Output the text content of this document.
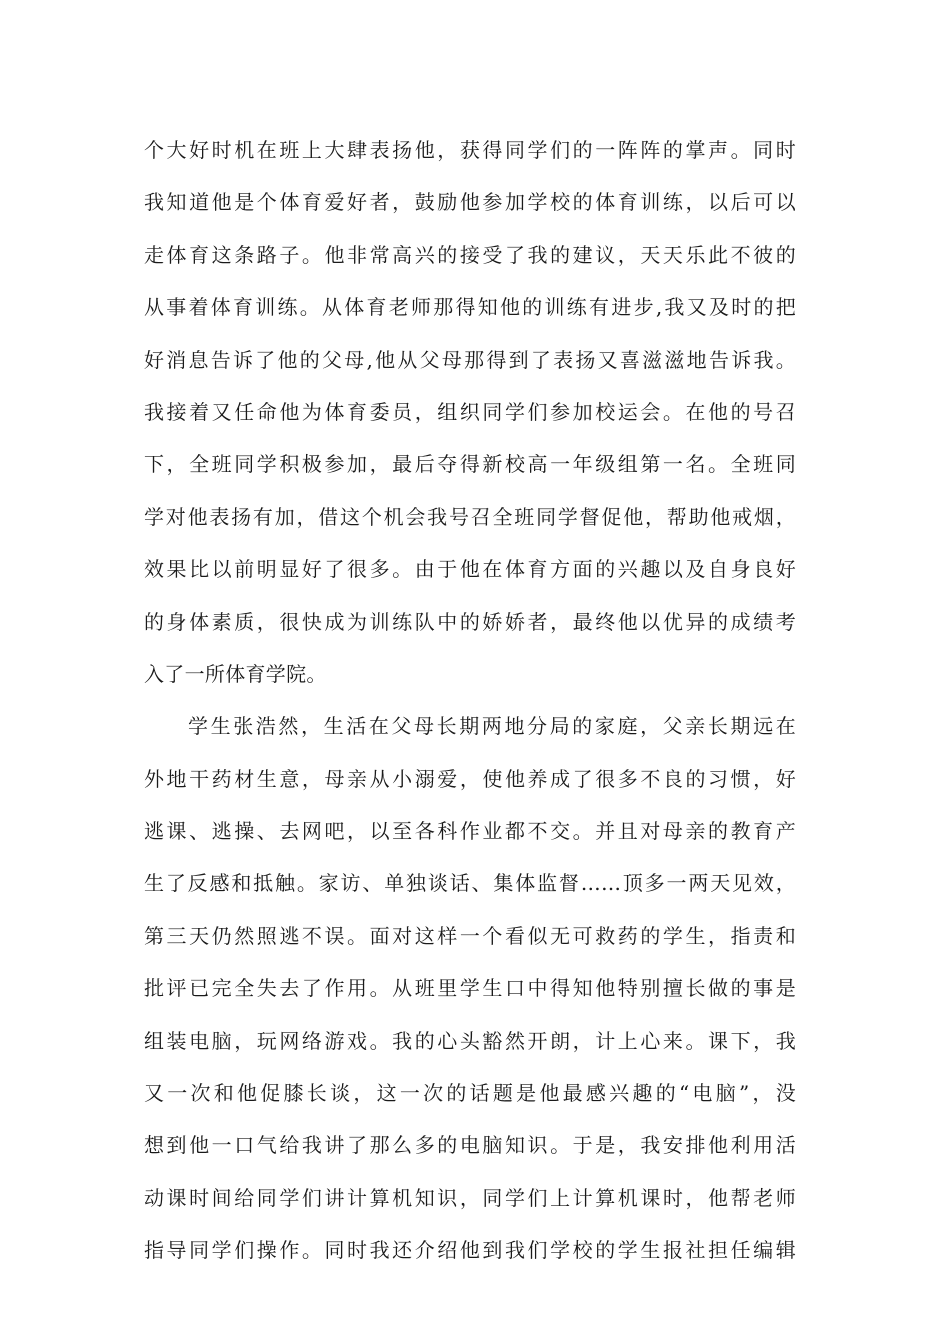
个大好时机在班上大肆表扬他，获得同学们的一阵阵的掌声。同时
我知道他是个体育爱好者，鼓励他参加学校的体育训练，以后可以
走体育这条路子。他非常高兴的接受了我的建议，天天乐此不彼的
从事着体育训练。从体育老师那得知他的训练有进步,我又及时的把
好消息告诉了他的父母,他从父母那得到了表扬又喜滋滋地告诉我。
我接着又任命他为体育委员，组织同学们参加校运会。在他的号召
下，全班同学积极参加，最后夺得新校高一年级组第一名。全班同
学对他表扬有加，借这个机会我号召全班同学督促他，帮助他戒烟，
效果比以前明显好了很多。由于他在体育方面的兴趣以及自身良好
的身体素质，很快成为训练队中的娇娇者，最终他以优异的成绩考
入了一所体育学院。
学生张浩然，生活在父母长期两地分局的家庭，父亲长期远在
外地干药材生意，母亲从小溺爱，使他养成了很多不良的习惯，好
逃课、逃操、去网吧，以至各科作业都不交。并且对母亲的教育产
生了反感和抵触。家访、单独谈话、集体监督……顶多一两天见效，
第三天仍然照逃不误。面对这样一个看似无可救药的学生，指责和
批评已完全失去了作用。从班里学生口中得知他特别擅长做的事是
组装电脑，玩网络游戏。我的心头豁然开朗，计上心来。课下，我
又一次和他促膝长谈，这一次的话题是他最感兴趣的“电脑”，没
想到他一口气给我讲了那么多的电脑知识。于是，我安排他利用活
动课时间给同学们讲计算机知识，同学们上计算机课时，他帮老师
指导同学们操作。同时我还介绍他到我们学校的学生报社担任编辑
